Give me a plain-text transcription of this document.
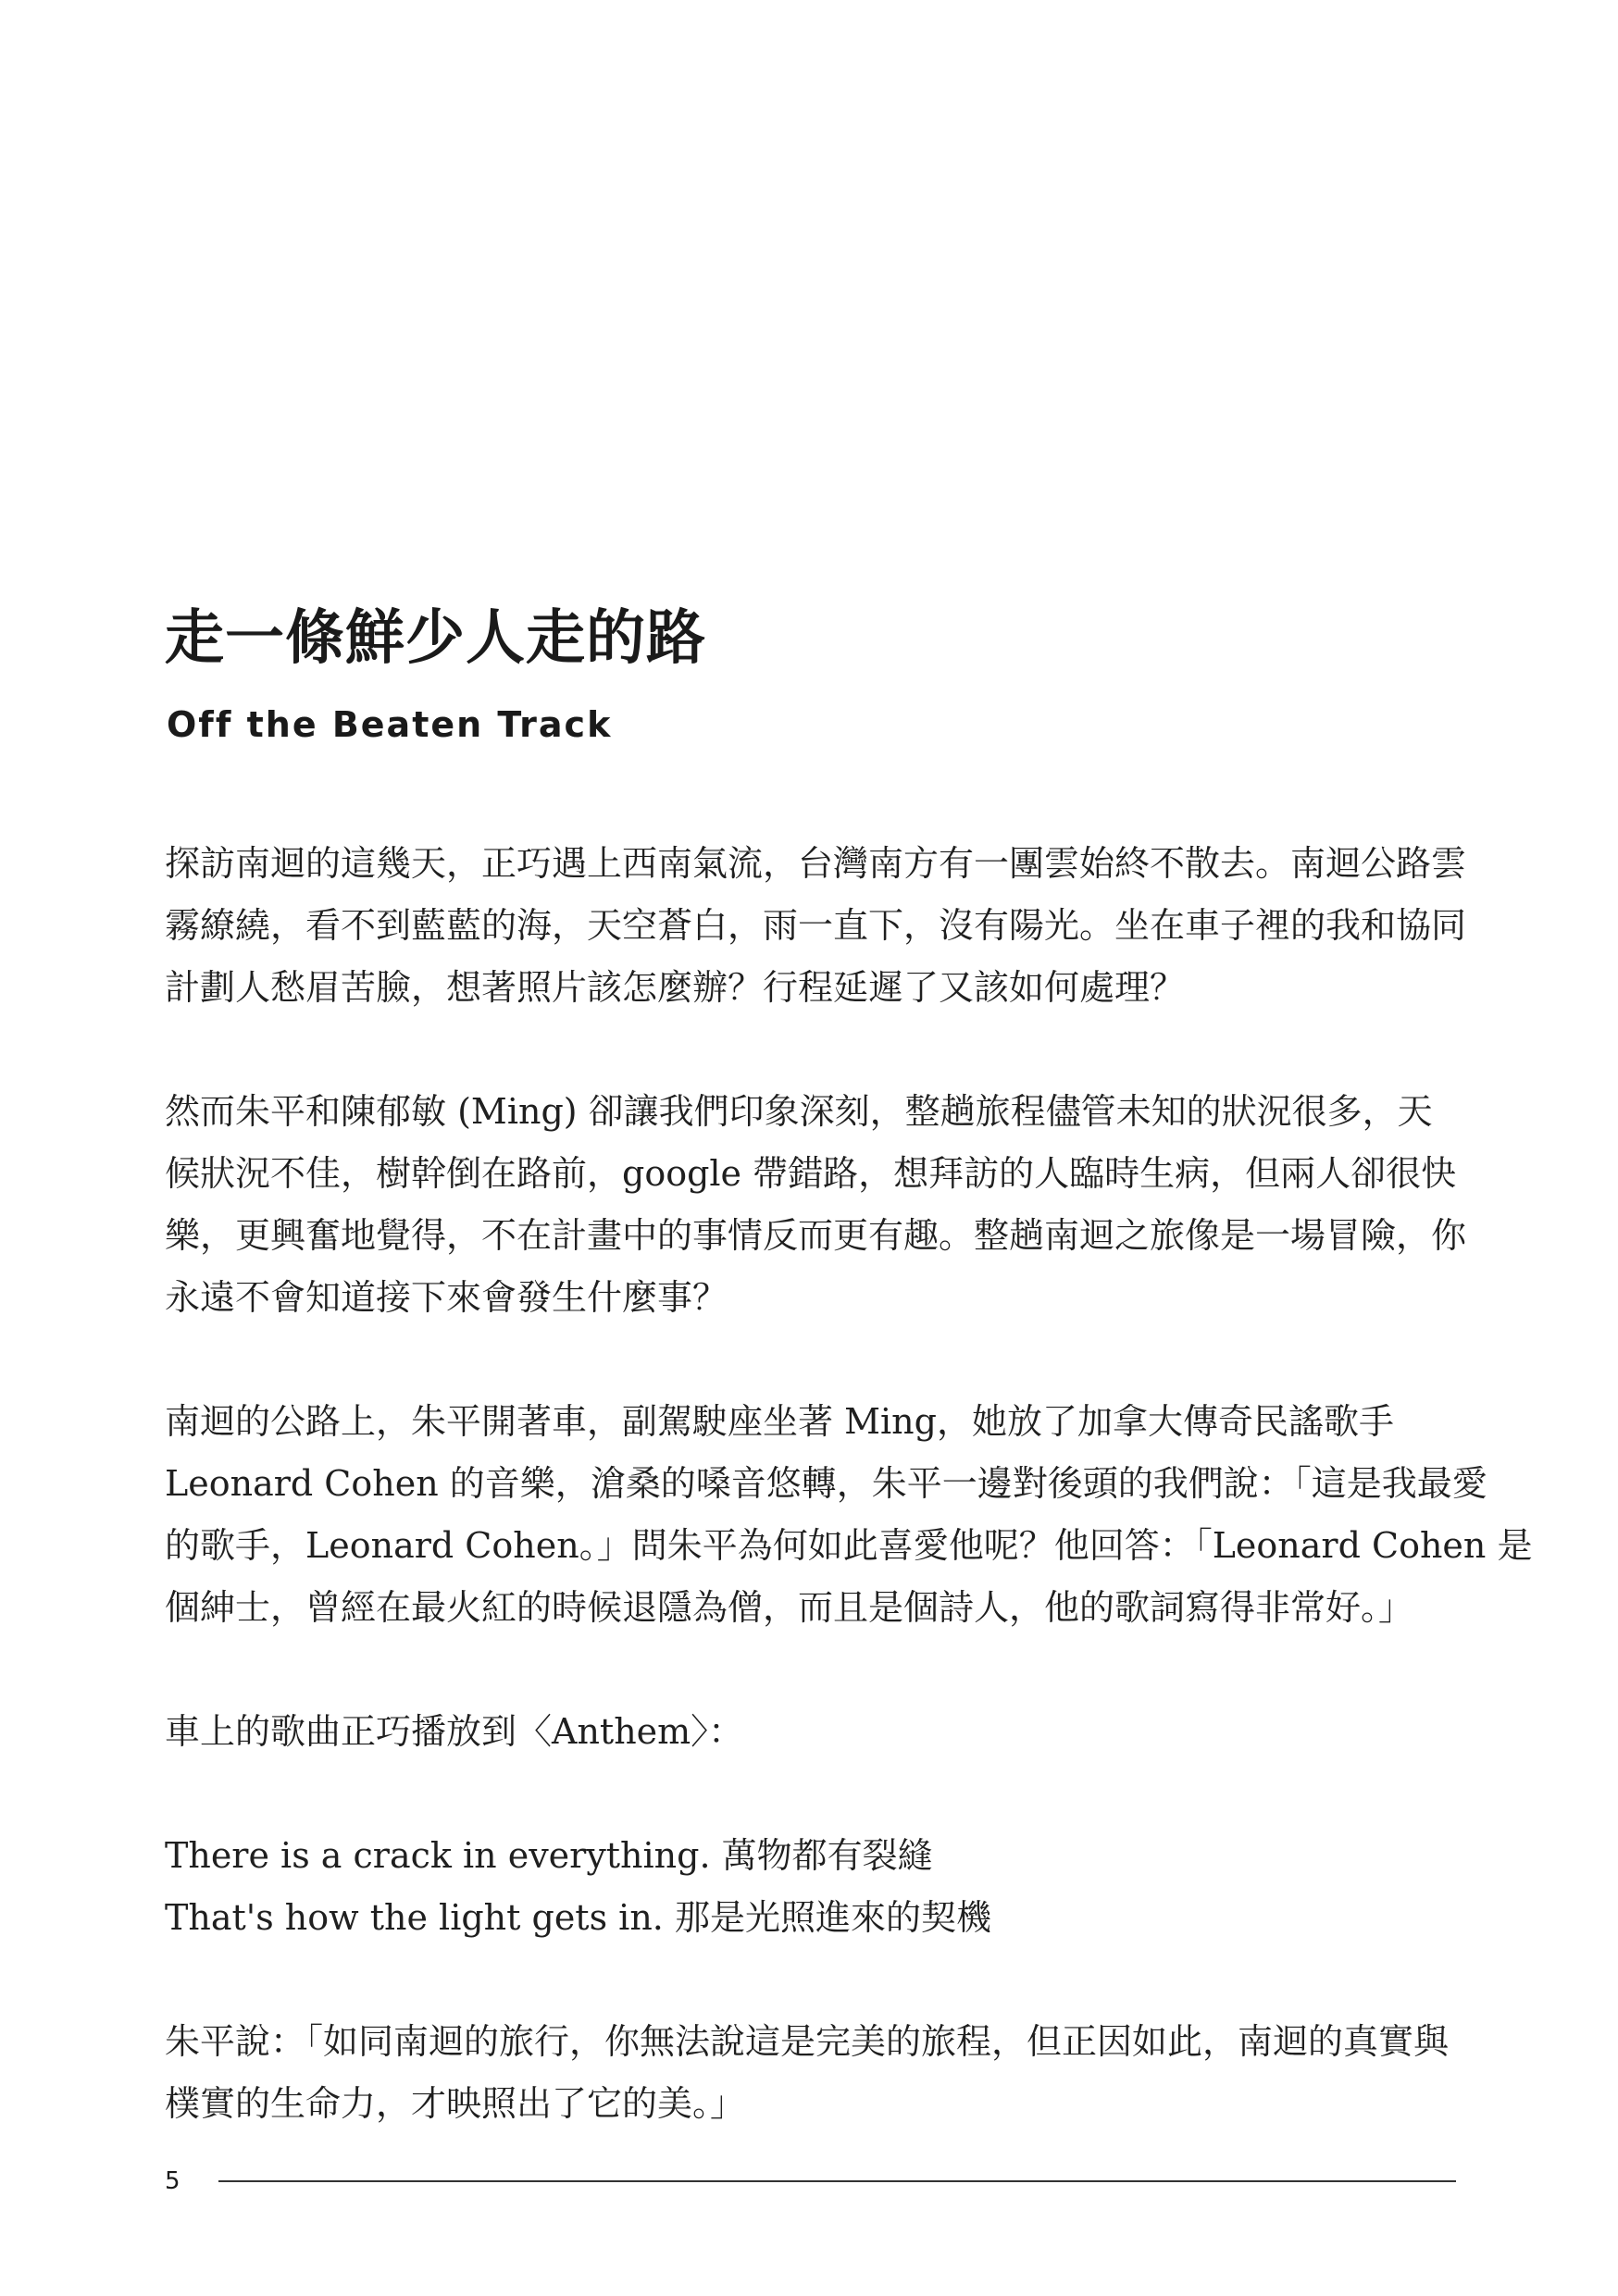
走一條鮮少人走的路
Off the Beaten Track

探訪南迴的這幾天，正巧遇上西南氣流，台灣南方有一團雲始終不散去。南迴公路雲
霧繚繞，看不到藍藍的海，天空蒼白，雨一直下，沒有陽光。坐在車子裡的我和協同
計劃人愁眉苦臉，想著照片該怎麼辦？行程延遲了又該如何處理？

然而朱平和陳郁敏 (Ming) 卻讓我們印象深刻，整趟旅程儘管未知的狀況很多，天
候狀況不佳，樹幹倒在路前，google 帶錯路，想拜訪的人臨時生病，但兩人卻很快
樂，更興奮地覺得，不在計畫中的事情反而更有趣。整趟南迴之旅像是一場冒險，你
永遠不會知道接下來會發生什麼事？

南迴的公路上，朱平開著車，副駕駛座坐著 Ming，她放了加拿大傳奇民謠歌手
Leonard Cohen 的音樂，滄桑的嗓音悠轉，朱平一邊對後頭的我們說：「這是我最愛
的歌手，Leonard Cohen。」問朱平為何如此喜愛他呢？他回答：「Leonard Cohen 是
個紳士，曾經在最火紅的時候退隱為僧，而且是個詩人，他的歌詞寫得非常好。」

車上的歌曲正巧播放到〈Anthem〉：

There is a crack in everything. 萬物都有裂縫
That's how the light gets in. 那是光照進來的契機

朱平說：「如同南迴的旅行，你無法說這是完美的旅程，但正因如此，南迴的真實與
樸實的生命力，才映照出了它的美。」

5
